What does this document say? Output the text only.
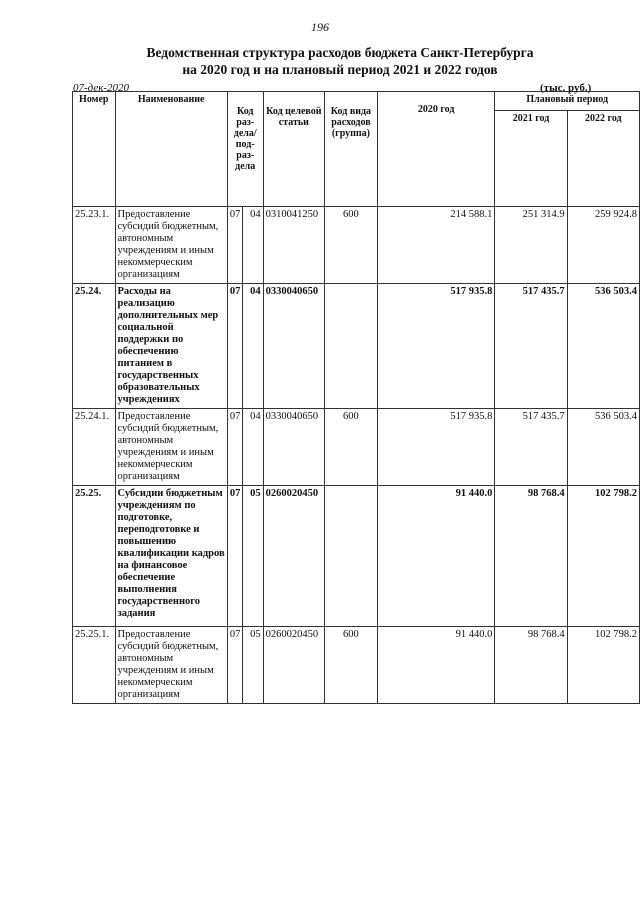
196
Ведомственная структура расходов бюджета Санкт-Петербурга
на 2020 год и на плановый период 2021 и 2022 годов
07-дек-2020	(тыс. руб.)
Номер	Наименование	Код раз- дела/ под- раз- дела		Код целевой статьи	Код вида расходов (группа)	2020 год	Плановый период	
							2021 год	2022 год
25.23.1.	Предоставление субсидий бюджетным, автономным учреждениям и иным некоммерческим организациям	07	04	0310041250	600	214 588.1	251 314.9	259 924.8
25.24.	Расходы на реализацию дополнительных мер социальной поддержки по обеспечению питанием в государственных образовательных учреждениях	07	04	0330040650		517 935.8	517 435.7	536 503.4
25.24.1.	Предоставление субсидий бюджетным, автономным учреждениям и иным некоммерческим организациям	07	04	0330040650	600	517 935.8	517 435.7	536 503.4
25.25.	Субсидии бюджетным учреждениям по подготовке, переподготовке и повышению квалификации кадров на финансовое обеспечение выполнения государственного задания	07	05	0260020450		91 440.0	98 768.4	102 798.2
25.25.1.	Предоставление субсидий бюджетным, автономным учреждениям и иным некоммерческим организациям	07	05	0260020450	600	91 440.0	98 768.4	102 798.2
